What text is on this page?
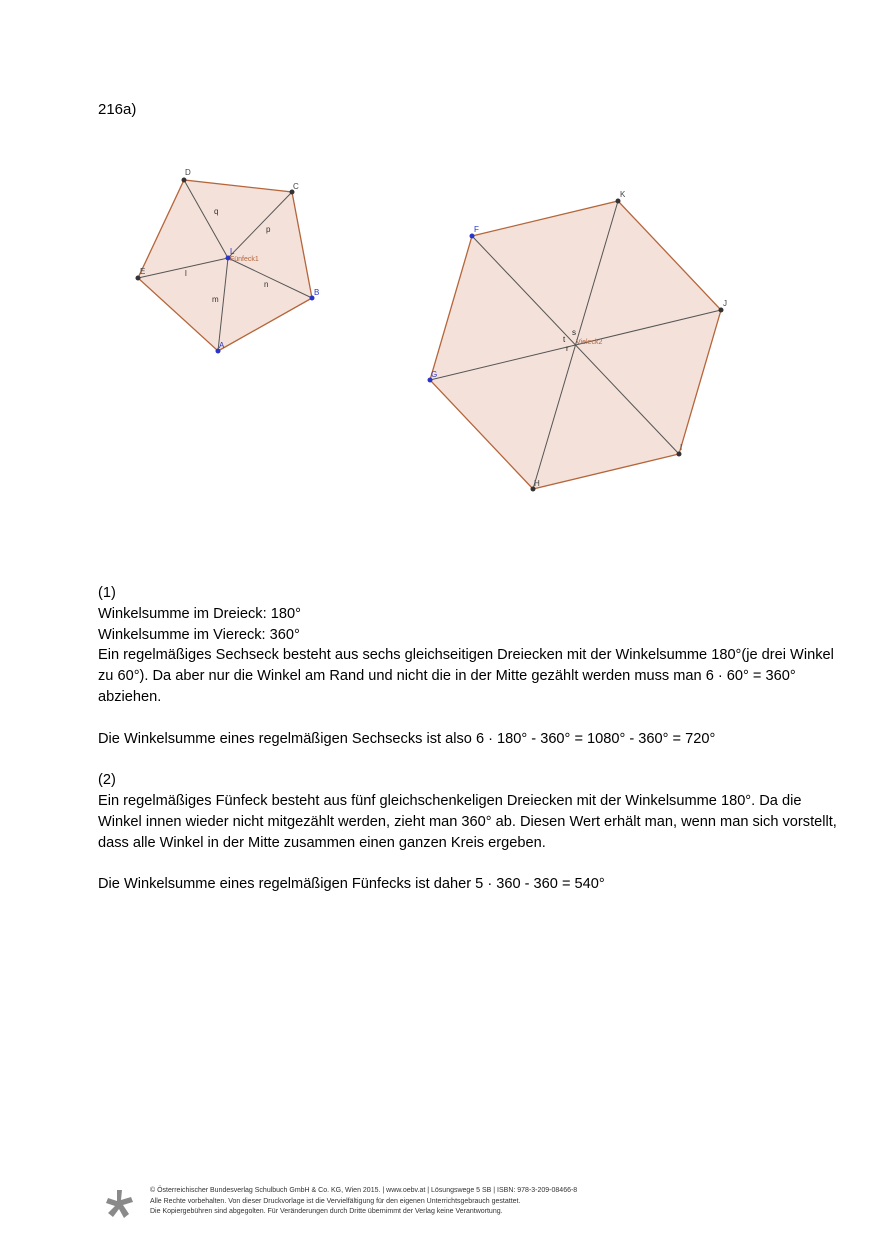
216a)
A
B
C
D
E
L
Fünfeck1
q
p
l
n
m
F
K
J
I
H
G
s
t
r
Vieleck2

(1)

Winkelsumme im Dreieck: 180°

Winkelsumme im Viereck: 360°

Ein regelmäßiges Sechseck besteht aus sechs gleichseitigen Dreiecken mit der Winkelsumme 180°(je drei Winkel zu 60°). Da aber nur die Winkel am Rand und nicht die in der Mitte gezählt werden muss man 6 · 60° = 360° abziehen.

Die Winkelsumme eines regelmäßigen Sechsecks ist also 6 · 180° - 360° = 1080° - 360° = 720°

(2)

Ein regelmäßiges Fünfeck besteht aus fünf gleichschenkeligen Dreiecken mit der Winkelsumme 180°. Da die Winkel innen wieder nicht mitgezählt werden, zieht man 360° ab. Diesen Wert erhält man, wenn man sich vorstellt, dass alle Winkel in der Mitte zusammen einen ganzen Kreis ergeben.

Die Winkelsumme eines regelmäßigen Fünfecks ist daher 5 · 360 - 360 = 540°

© Österreichischer Bundesverlag Schulbuch GmbH & Co. KG, Wien 2015. | www.oebv.at | Lösungswege 5 SB | ISBN: 978-3-209-08466-8
Alle Rechte vorbehalten. Von dieser Druckvorlage ist die Vervielfältigung für den eigenen Unterrichtsgebrauch gestattet.
Die Kopiergebühren sind abgegolten. Für Veränderungen durch Dritte übernimmt der Verlag keine Verantwortung.
